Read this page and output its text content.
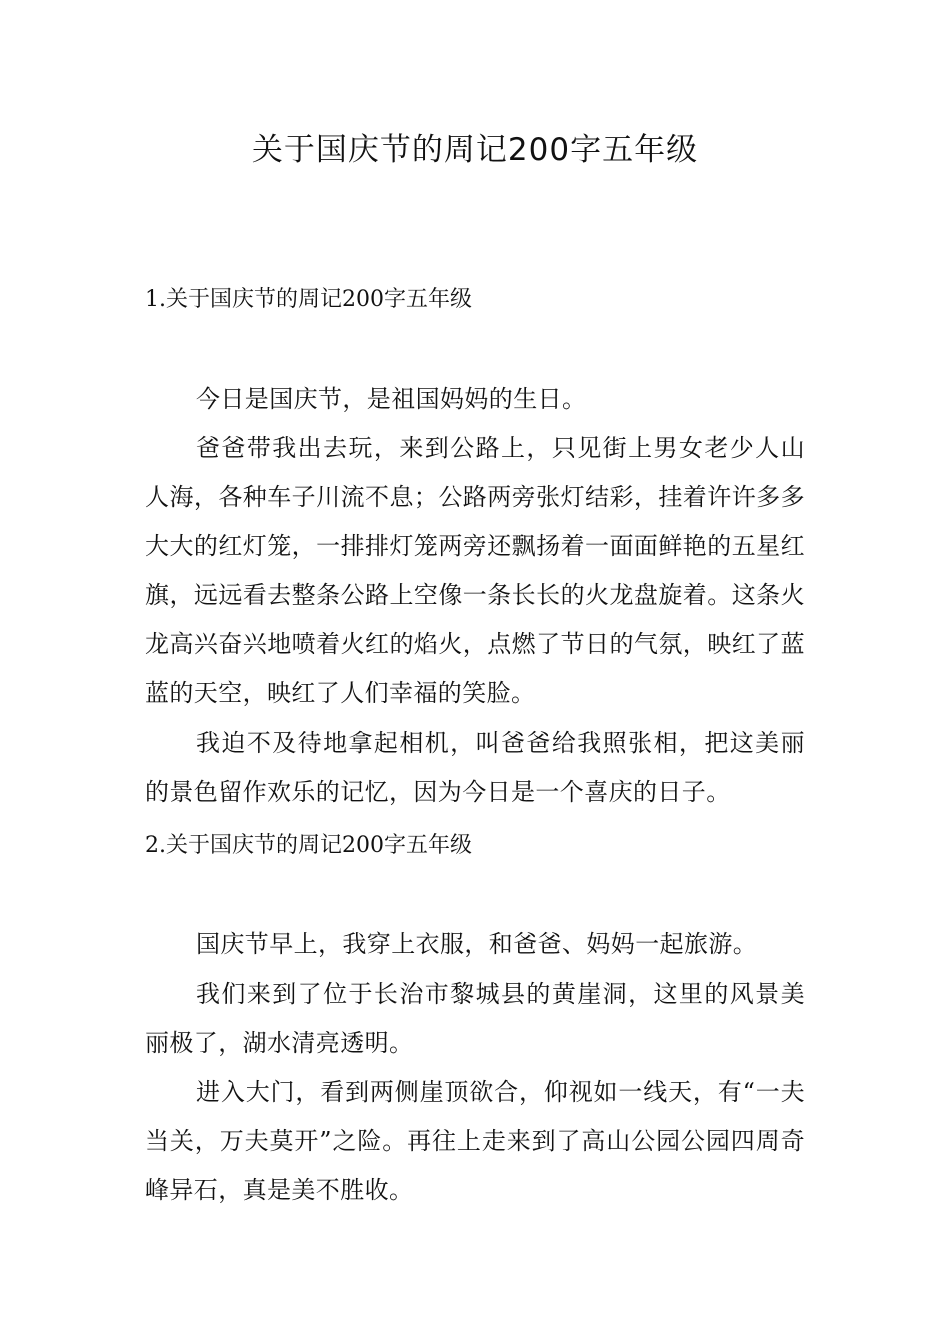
关于国庆节的周记200字五年级
1.关于国庆节的周记200字五年级

今日是国庆节，是祖国妈妈的生日。

爸爸带我出去玩，来到公路上，只见街上男女老少人山人海，各种车子川流不息；公路两旁张灯结彩，挂着许许多多大大的红灯笼，一排排灯笼两旁还飘扬着一面面鲜艳的五星红旗，远远看去整条公路上空像一条长长的火龙盘旋着。这条火龙高兴奋兴地喷着火红的焰火，点燃了节日的气氛，映红了蓝蓝的天空，映红了人们幸福的笑脸。

我迫不及待地拿起相机，叫爸爸给我照张相，把这美丽的景色留作欢乐的记忆，因为今日是一个喜庆的日子。

2.关于国庆节的周记200字五年级

国庆节早上，我穿上衣服，和爸爸、妈妈一起旅游。

我们来到了位于长治市黎城县的黄崖洞，这里的风景美丽极了，湖水清亮透明。

进入大门，看到两侧崖顶欲合，仰视如一线天，有“一夫当关，万夫莫开”之险。再往上走来到了高山公园公园四周奇峰异石，真是美不胜收。
